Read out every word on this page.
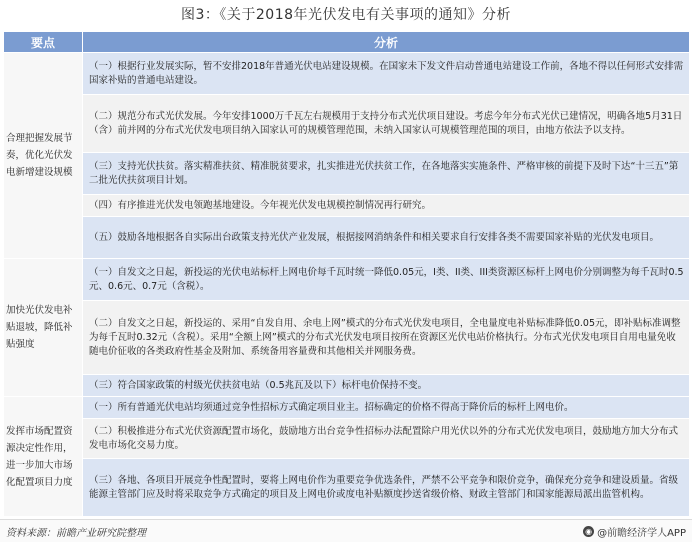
图3：《关于2018年光伏发电有关事项的通知》分析
要点	分析
合理把握发展节奏，优化光伏发电新增建设规模	（一）根据行业发展实际，暂不安排2018年普通光伏电站建设规模。在国家未下发文件启动普通电站建设工作前，各地不得以任何形式安排需国家补贴的普通电站建设。
	（二）规范分布式光伏发展。今年安排1000万千瓦左右规模用于支持分布式光伏项目建设。考虑今年分布式光伏已建情况，明确各地5月31日（含）前并网的分布式光伏发电项目纳入国家认可的规模管理范围，未纳入国家认可规模管理范围的项目，由地方依法予以支持。
	（三）支持光伏扶贫。落实精准扶贫、精准脱贫要求，扎实推进光伏扶贫工作，在各地落实实施条件、严格审核的前提下及时下达“十三五”第二批光伏扶贫项目计划。
	（四）有序推进光伏发电领跑基地建设。今年视光伏发电规模控制情况再行研究。
	（五）鼓励各地根据各自实际出台政策支持光伏产业发展，根据接网消纳条件和相关要求自行安排各类不需要国家补贴的光伏发电项目。
加快光伏发电补贴退坡，降低补贴强度	（一）自发文之日起，新投运的光伏电站标杆上网电价每千瓦时统一降低0.05元，I类、II类、III类资源区标杆上网电价分别调整为每千瓦时0.5元、0.6元、0.7元（含税）。
	（二）自发文之日起，新投运的、采用“自发自用、余电上网”模式的分布式光伏发电项目，全电量度电补贴标准降低0.05元，即补贴标准调整为每千瓦时0.32元（含税）。采用“全额上网”模式的分布式光伏发电项目按所在资源区光伏电站价格执行。分布式光伏发电项目自用电量免收随电价征收的各类政府性基金及附加、系统备用容量费和其他相关并网服务费。
	（三）符合国家政策的村级光伏扶贫电站（0.5兆瓦及以下）标杆电价保持不变。
发挥市场配置资源决定性作用，进一步加大市场化配置项目力度	（一）所有普通光伏电站均须通过竞争性招标方式确定项目业主。招标确定的价格不得高于降价后的标杆上网电价。
	（二）积极推进分布式光伏资源配置市场化，鼓励地方出台竞争性招标办法配置除户用光伏以外的分布式光伏发电项目，鼓励地方加大分布式发电市场化交易力度。
	（三）各地、各项目开展竞争性配置时，要将上网电价作为重要竞争优选条件，严禁不公平竞争和限价竞争，确保充分竞争和建设质量。省级能源主管部门应及时将采取竞争方式确定的项目及上网电价或度电补贴额度抄送省级价格、财政主管部门和国家能源局派出监管机构。
资料来源：前瞻产业研究院整理	◉ @前瞻经济学人APP
